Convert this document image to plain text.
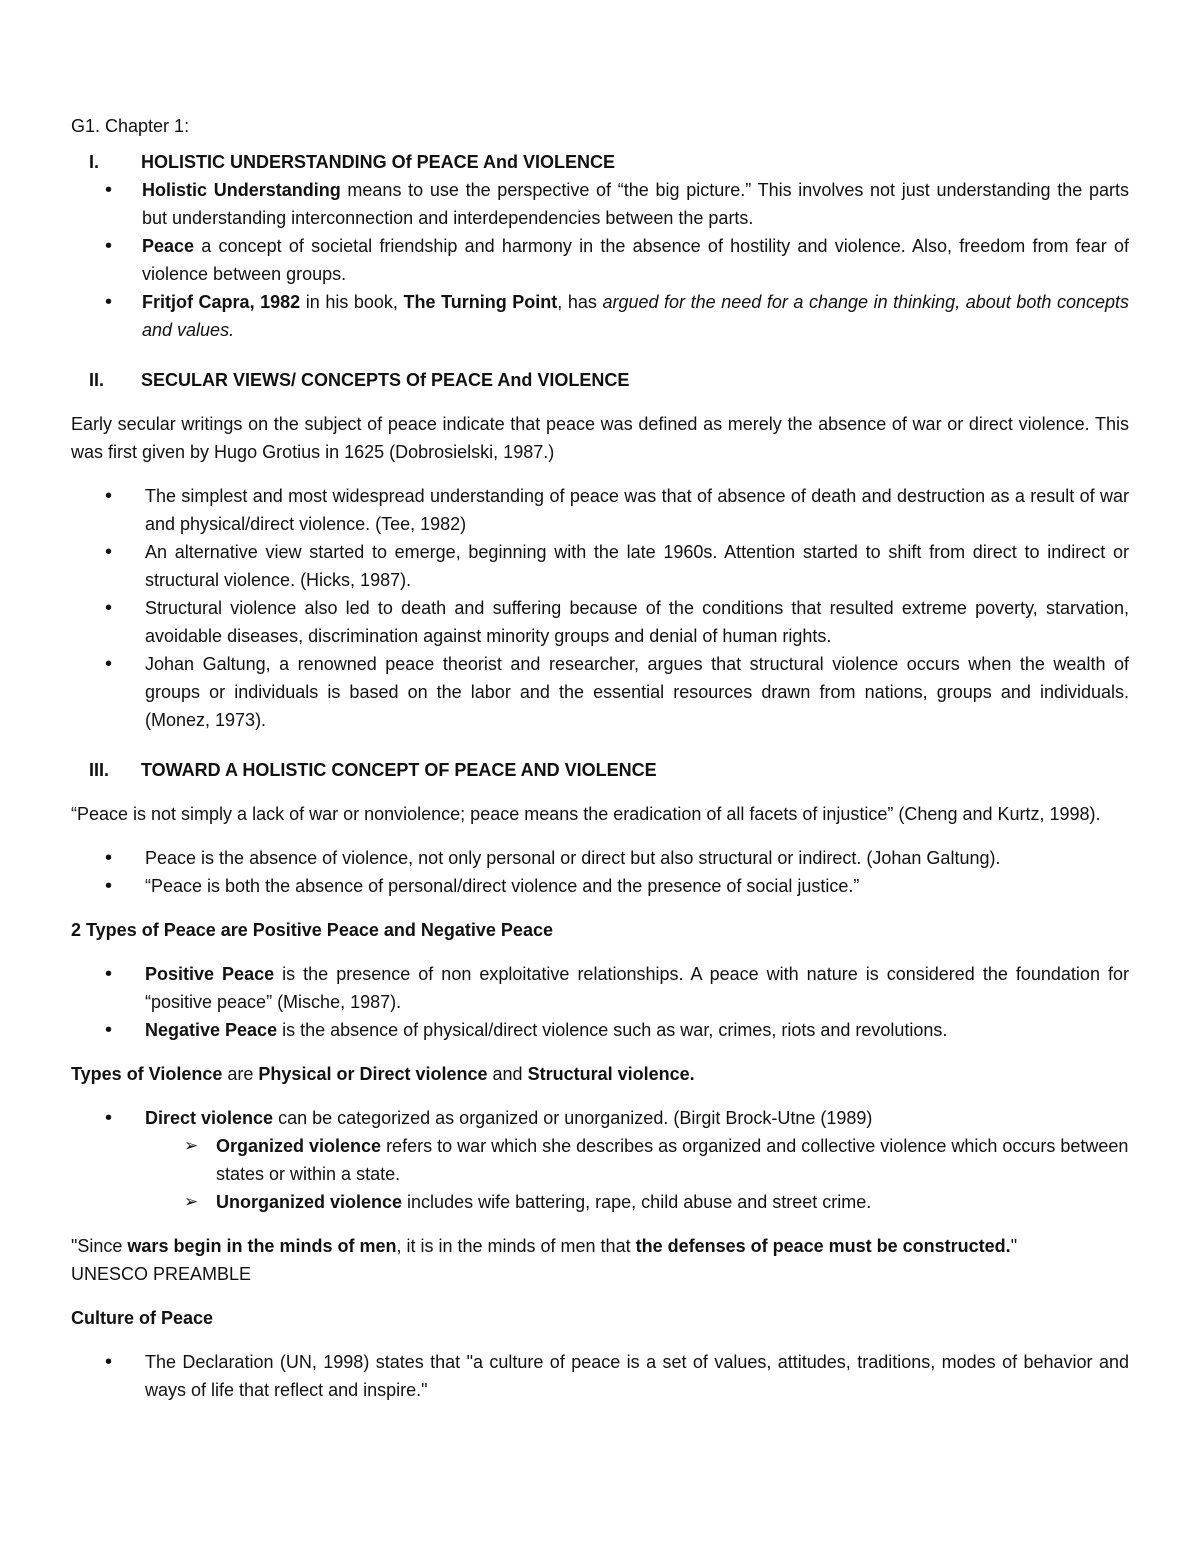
G1. Chapter 1:

I.	HOLISTIC UNDERSTANDING Of PEACE And VIOLENCE
• Holistic Understanding means to use the perspective of “the big picture.” This involves not just understanding the parts but understanding interconnection and interdependencies between the parts.
• Peace a concept of societal friendship and harmony in the absence of hostility and violence. Also, freedom from fear of violence between groups.
• Fritjof Capra, 1982 in his book, The Turning Point, has argued for the need for a change in thinking, about both concepts and values.
II.	SECULAR VIEWS/ CONCEPTS Of PEACE And VIOLENCE

Early secular writings on the subject of peace indicate that peace was defined as merely the absence of war or direct violence. This was first given by Hugo Grotius in 1625 (Dobrosielski, 1987.)

• The simplest and most widespread understanding of peace was that of absence of death and destruction as a result of war and physical/direct violence. (Tee, 1982)
• An alternative view started to emerge, beginning with the late 1960s. Attention started to shift from direct to indirect or structural violence. (Hicks, 1987).
• Structural violence also led to death and suffering because of the conditions that resulted extreme poverty, starvation, avoidable diseases, discrimination against minority groups and denial of human rights.
• Johan Galtung, a renowned peace theorist and researcher, argues that structural violence occurs when the wealth of groups or individuals is based on the labor and the essential resources drawn from nations, groups and individuals. (Monez, 1973).
III.	TOWARD A HOLISTIC CONCEPT OF PEACE AND VIOLENCE

“Peace is not simply a lack of war or nonviolence; peace means the eradication of all facets of injustice” (Cheng and Kurtz, 1998).

• Peace is the absence of violence, not only personal or direct but also structural or indirect. (Johan Galtung).
• “Peace is both the absence of personal/direct violence and the presence of social justice.”

2 Types of Peace are Positive Peace and Negative Peace

• Positive Peace is the presence of non exploitative relationships. A peace with nature is considered the foundation for “positive peace” (Mische, 1987).
• Negative Peace is the absence of physical/direct violence such as war, crimes, riots and revolutions.

Types of Violence are Physical or Direct violence and Structural violence.

• Direct violence can be categorized as organized or unorganized. (Birgit Brock-Utne (1989)
➢ Organized violence refers to war which she describes as organized and collective violence which occurs between states or within a state.
➢ Unorganized violence includes wife battering, rape, child abuse and street crime.

"Since wars begin in the minds of men, it is in the minds of men that the defenses of peace must be constructed."

UNESCO PREAMBLE

Culture of Peace

• The Declaration (UN, 1998) states that "a culture of peace is a set of values, attitudes, traditions, modes of behavior and ways of life that reflect and inspire."
